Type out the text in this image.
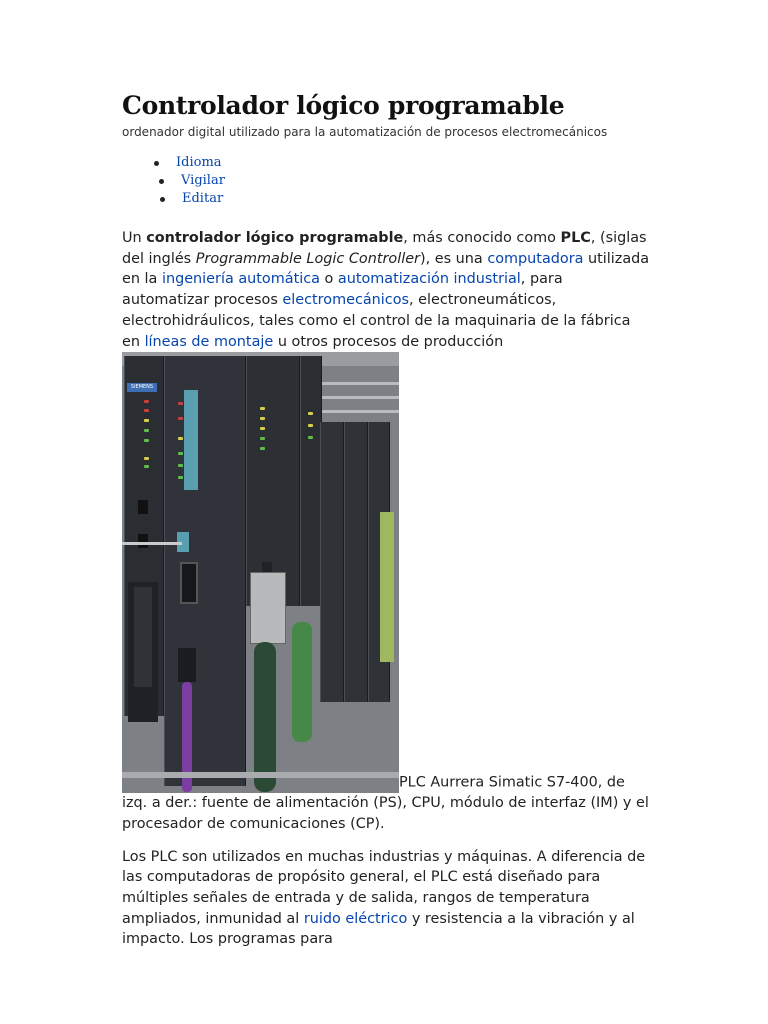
Controlador lógico programable
ordenador digital utilizado para la automatización de procesos electromecánicos
Idioma
Vigilar
Editar

Un controlador lógico programable, más conocido como PLC, (siglas del inglés Programmable Logic Controller), es una computadora utilizada en la ingeniería automática o automatización industrial, para automatizar procesos electromecánicos, electroneumáticos, electrohidráulicos, tales como el control de la maquinaria de la fábrica en líneas de montaje u otros procesos de producción

SIEMENS
PLC Aurrera Simatic S7-400, de izq. a der.: fuente de alimentación (PS), CPU, módulo de interfaz (IM) y el procesador de comunicaciones (CP).

Los PLC son utilizados en muchas industrias y máquinas. A diferencia de las computadoras de propósito general, el PLC está diseñado para múltiples señales de entrada y de salida, rangos de temperatura ampliados, inmunidad al ruido eléctrico y resistencia a la vibración y al impacto. Los programas para
